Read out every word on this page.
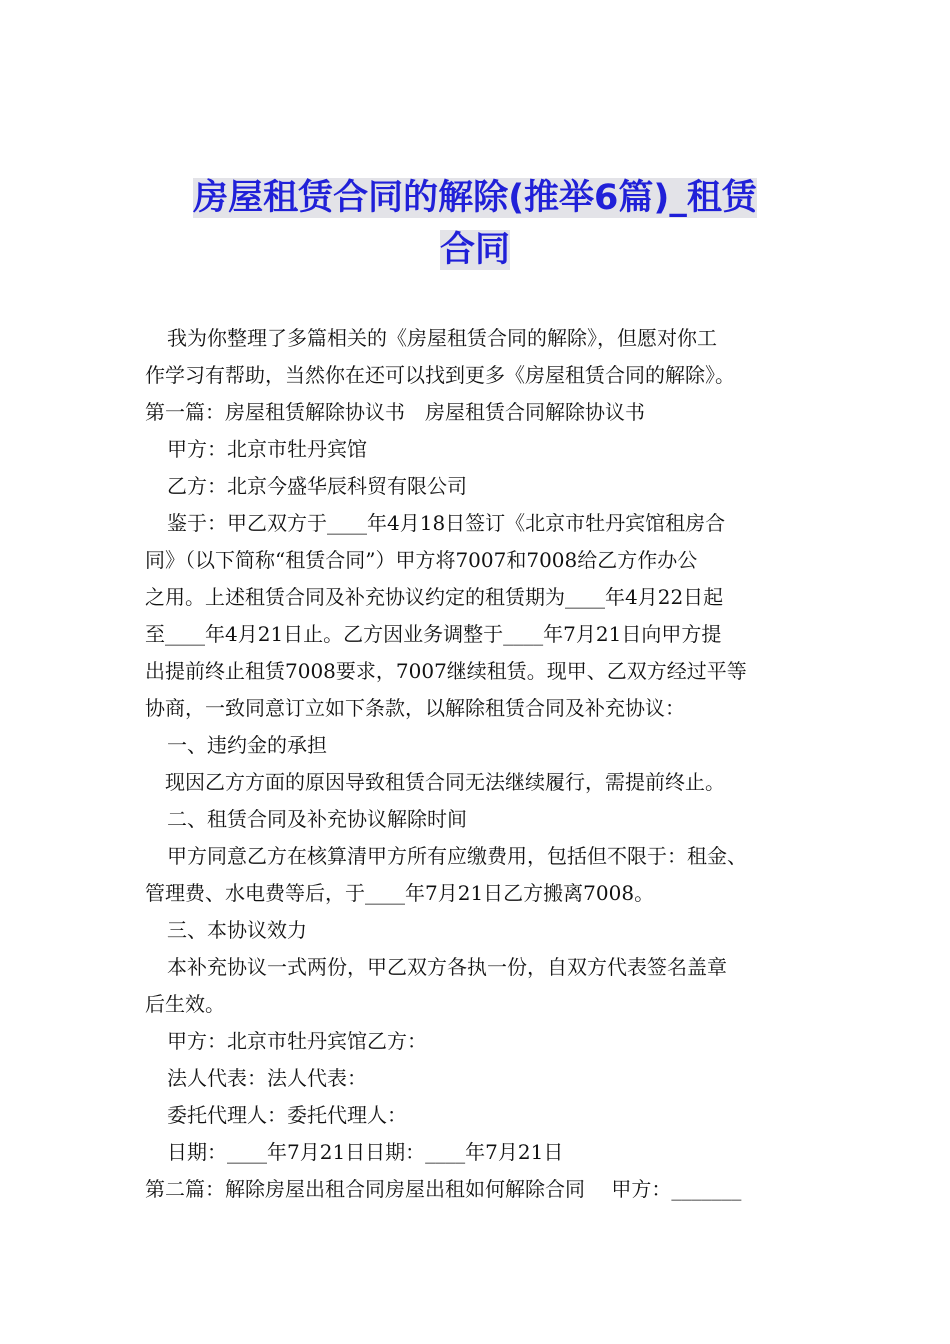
房屋租赁合同的解除(推举6篇)_租赁
合同

我为你整理了多篇相关的《房屋租赁合同的解除》，但愿对你工

作学习有帮助，当然你在还可以找到更多《房屋租赁合同的解除》。

第一篇：房屋租赁解除协议书　房屋租赁合同解除协议书

甲方：北京市牡丹宾馆

乙方：北京今盛华辰科贸有限公司

鉴于：甲乙双方于____年4月18日签订《北京市牡丹宾馆租房合

同》（以下简称“租赁合同”）甲方将7007和7008给乙方作办公

之用。上述租赁合同及补充协议约定的租赁期为____年4月22日起

至____年4月21日止。乙方因业务调整于____年7月21日向甲方提

出提前终止租赁7008要求，7007继续租赁。现甲、乙双方经过平等

协商，一致同意订立如下条款，以解除租赁合同及补充协议：

一、违约金的承担

现因乙方方面的原因导致租赁合同无法继续履行，需提前终止。

二、租赁合同及补充协议解除时间

甲方同意乙方在核算清甲方所有应缴费用，包括但不限于：租金、

管理费、水电费等后，于____年7月21日乙方搬离7008。

三、本协议效力

本补充协议一式两份，甲乙双方各执一份，自双方代表签名盖章

后生效。

甲方：北京市牡丹宾馆乙方：

法人代表：法人代表：

委托代理人：委托代理人：

日期：____年7月21日日期：____年7月21日

第二篇：解除房屋出租合同房屋出租如何解除合同　 甲方：_______
